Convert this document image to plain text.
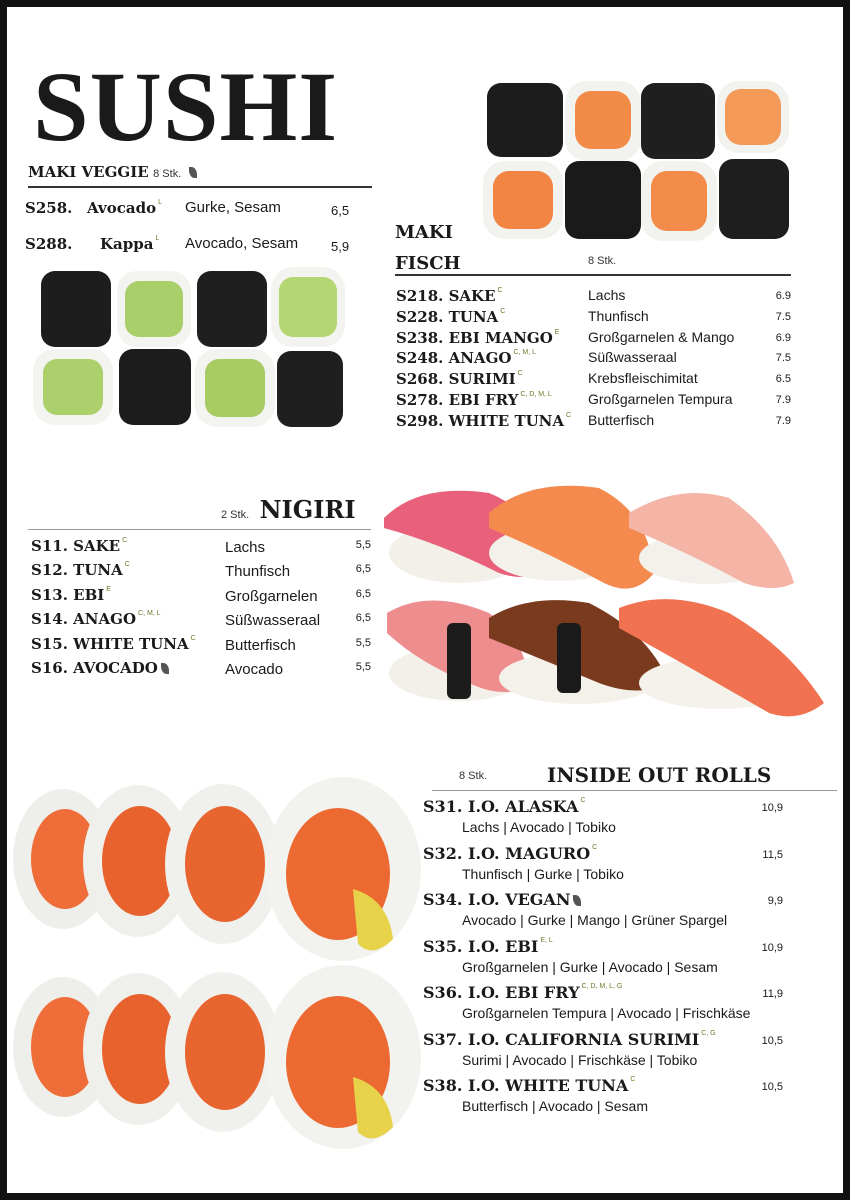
SUSHI
MAKI VEGGIE 8 Stk.
S258. Avocado $^L$ Gurke, Sesam	6,5
S288. Kappa $^L$ Avocado, Sesam	5,9
MAKI
FISCH	8 Stk.
S218. SAKE $^C$	Lachs	6.9
S228. TUNA $^C$	Thunfisch	7.5
S238. EBI MANGO $^E$ Großgarnelen & Mango	6.9
S248. ANAGO $^{C, M, L}$	Süßwasseraal	7.5
S268. SURIMI $^C$	Krebsfleischimitat	6.5
S278. EBI FRY $^{C, D, M, L}$	Großgarnelen Tempura	7.9
S298. WHITE TUNA $^C$ Butterfisch	7.9
2 Stk. NIGIRI
S11. SAKE $^C$	Lachs	5,5
S12. TUNA $^C$	Thunfisch	6,5
S13. EBI $^E$	Großgarnelen	6,5
S14. ANAGO $^{C, M, L}$	Süßwasseraal	6,5
S15. WHITE TUNA $^C$ Butterfisch	5,5
S16. AVOCADO	Avocado	5,5
8 Stk.	INSIDE OUT ROLLS
S31. I.O. ALASKA $^C$
Lachs | Avocado | Tobiko
10,9
S32. I.O. MAGURO $^C$
Thunfisch | Gurke | Tobiko
11,5
S34. I.O. VEGAN
Avocado | Gurke | Mango | Grüner Spargel
9,9
S35. I.O. EBI $^{E, L}$
Großgarnelen | Gurke | Avocado | Sesam
10,9
S36. I.O. EBI FRY $^{C, D, M, L, G}$
Großgarnelen Tempura | Avocado | Frischkäse
11,9
S37. I.O. CALIFORNIA SURIMI $^{C, G}$
Surimi | Avocado | Frischkäse | Tobiko
10,5
S38. I.O. WHITE TUNA $^C$
Butterfisch | Avocado | Sesam
10,5
